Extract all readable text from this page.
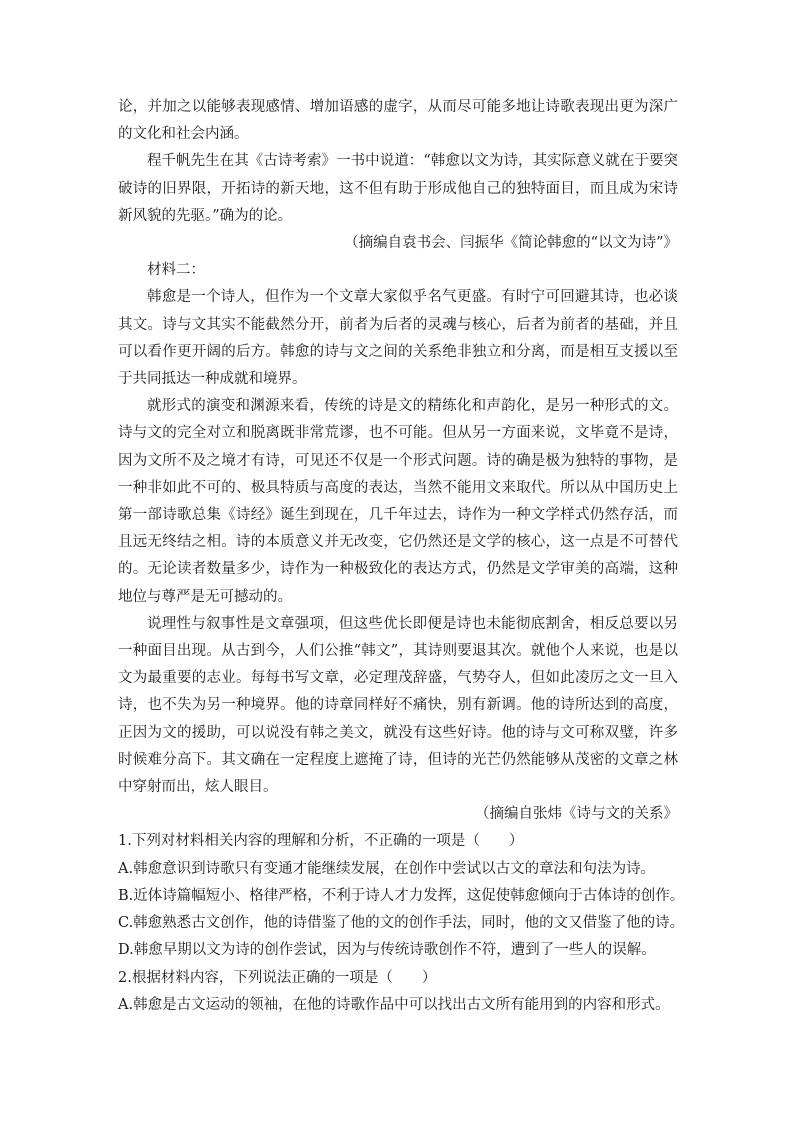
论，并加之以能够表现感情、增加语感的虚字，从而尽可能多地让诗歌表现出更为深广的文化和社会内涵。

程千帆先生在其《古诗考索》一书中说道：“韩愈以文为诗，其实际意义就在于要突破诗的旧界限，开拓诗的新天地，这不但有助于形成他自己的独特面目，而且成为宋诗新风貌的先驱。”确为的论。

（摘编自袁书会、闫振华《简论韩愈的“以文为诗”》

材料二：

韩愈是一个诗人，但作为一个文章大家似乎名气更盛。有时宁可回避其诗，也必谈其文。诗与文其实不能截然分开，前者为后者的灵魂与核心，后者为前者的基础，并且可以看作更开阔的后方。韩愈的诗与文之间的关系绝非独立和分离，而是相互支援以至于共同抵达一种成就和境界。

就形式的演变和渊源来看，传统的诗是文的精练化和声韵化，是另一种形式的文。诗与文的完全对立和脱离既非常荒谬，也不可能。但从另一方面来说，文毕竟不是诗，因为文所不及之境才有诗，可见还不仅是一个形式问题。诗的确是极为独特的事物，是一种非如此不可的、极具特质与高度的表达，当然不能用文来取代。所以从中国历史上第一部诗歌总集《诗经》诞生到现在，几千年过去，诗作为一种文学样式仍然存活，而且远无终结之相。诗的本质意义并无改变，它仍然还是文学的核心，这一点是不可替代的。无论读者数量多少，诗作为一种极致化的表达方式，仍然是文学审美的高端，这种地位与尊严是无可撼动的。

说理性与叙事性是文章强项，但这些优长即便是诗也未能彻底割舍，相反总要以另一种面目出现。从古到今，人们公推“韩文”，其诗则要退其次。就他个人来说，也是以文为最重要的志业。每每书写文章，必定理茂辞盛，气势夺人，但如此凌厉之文一旦入诗，也不失为另一种境界。他的诗章同样好不痛快，别有新调。他的诗所达到的高度，正因为文的援助，可以说没有韩之美文，就没有这些好诗。他的诗与文可称双璧，许多时候难分高下。其文确在一定程度上遮掩了诗，但诗的光芒仍然能够从茂密的文章之林中穿射而出，炫人眼目。

（摘编自张炜《诗与文的关系》

1.下列对材料相关内容的理解和分析，不正确的一项是（　　）

A.韩愈意识到诗歌只有变通才能继续发展，在创作中尝试以古文的章法和句法为诗。

B.近体诗篇幅短小、格律严格，不利于诗人才力发挥，这促使韩愈倾向于古体诗的创作。

C.韩愈熟悉古文创作，他的诗借鉴了他的文的创作手法，同时，他的文又借鉴了他的诗。

D.韩愈早期以文为诗的创作尝试，因为与传统诗歌创作不符，遭到了一些人的误解。

2.根据材料内容，下列说法正确的一项是（　　）

A.韩愈是古文运动的领袖，在他的诗歌作品中可以找出古文所有能用到的内容和形式。
